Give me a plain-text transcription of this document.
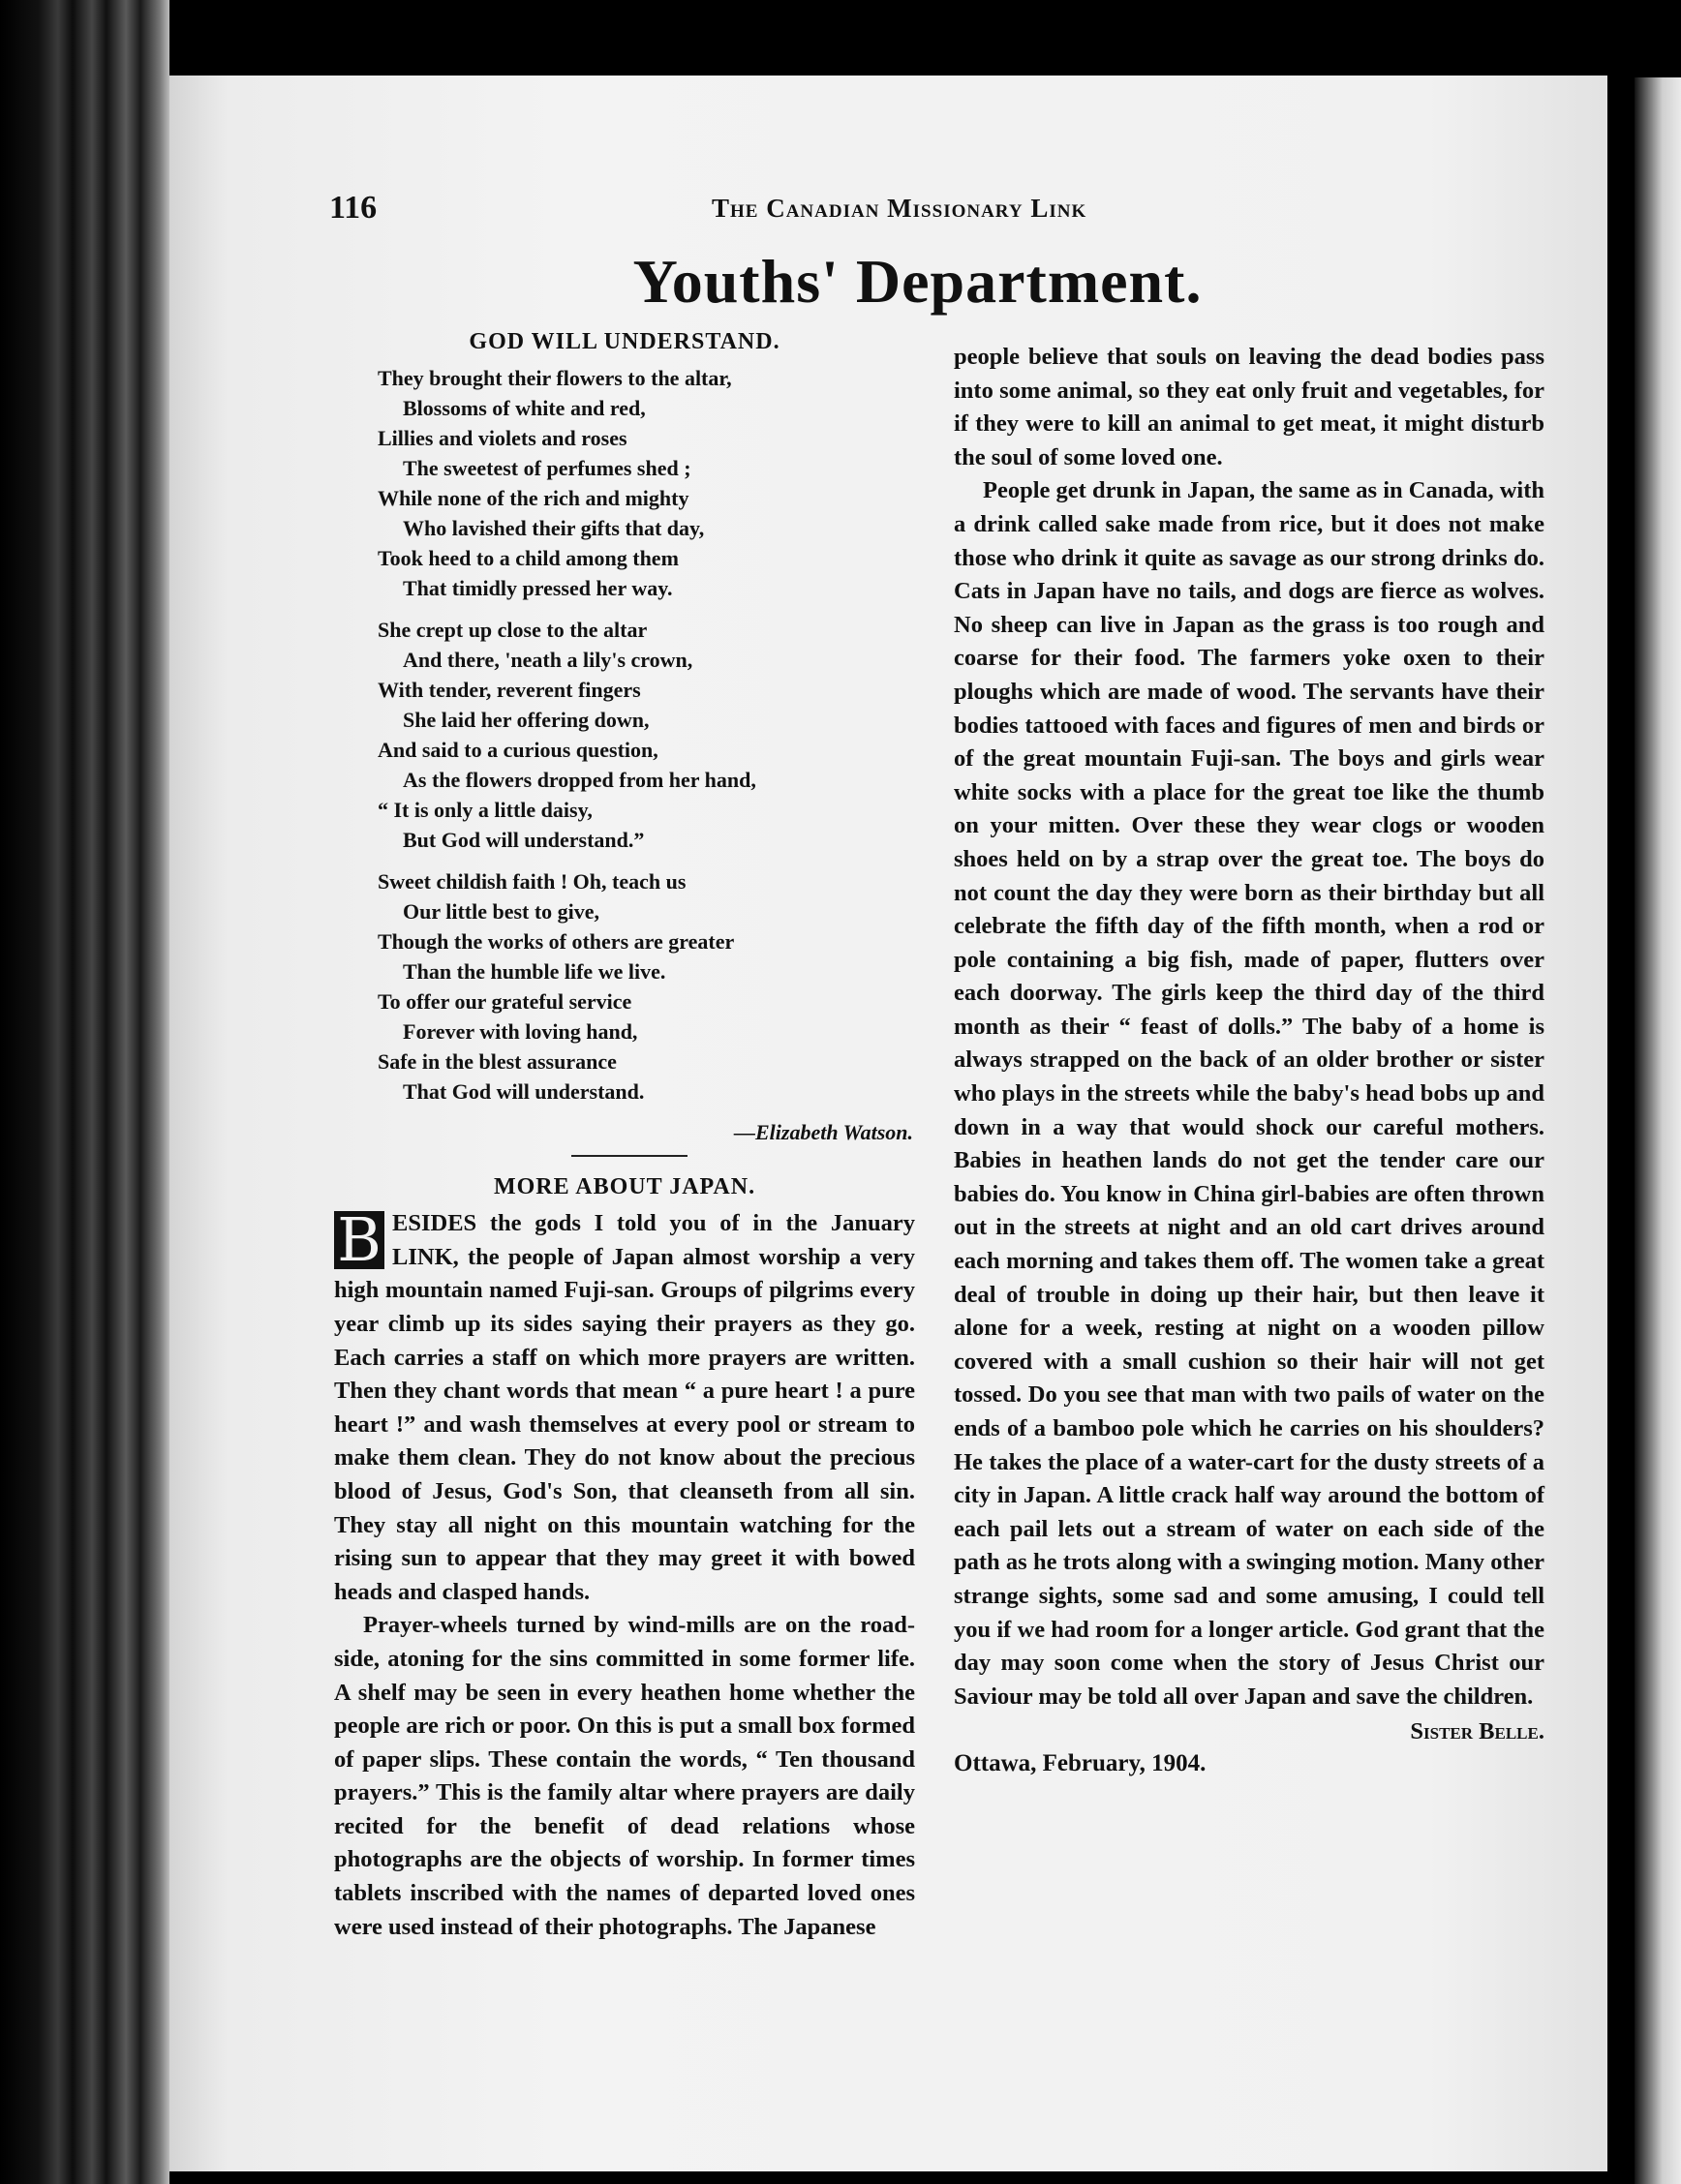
116	The Canadian Missionary Link
Youths' Department.
GOD WILL UNDERSTAND.
They brought their flowers to the altar,
Blossoms of white and red,
Lillies and violets and roses
The sweetest of perfumes shed ;
While none of the rich and mighty
Who lavished their gifts that day,
Took heed to a child among them
That timidly pressed her way.
She crept up close to the altar
And there, 'neath a lily's crown,
With tender, reverent fingers
She laid her offering down,
And said to a curious question,
As the flowers dropped from her hand,
“ It is only a little daisy,
But God will understand.”
Sweet childish faith ! Oh, teach us
Our little best to give,
Though the works of others are greater
Than the humble life we live.
To offer our grateful service
Forever with loving hand,
Safe in the blest assurance
That God will understand.
—Elizabeth Watson.
MORE ABOUT JAPAN.

B ESIDES the gods I told you of in the January LINK, the people of Japan almost worship a very high mountain named Fuji-san. Groups of pilgrims every year climb up its sides saying their prayers as they go. Each carries a staff on which more prayers are written. Then they chant words that mean “ a pure heart ! a pure heart !” and wash themselves at every pool or stream to make them clean. They do not know about the precious blood of Jesus, God's Son, that cleanseth from all sin. They stay all night on this mountain watching for the rising sun to appear that they may greet it with bowed heads and clasped hands.

Prayer-wheels turned by wind-mills are on the road-side, atoning for the sins committed in some former life. A shelf may be seen in every heathen home whether the people are rich or poor. On this is put a small box formed of paper slips. These contain the words, “ Ten thousand prayers.” This is the family altar where prayers are daily recited for the benefit of dead relations whose photographs are the objects of worship. In former times tablets inscribed with the names of departed loved ones were used instead of their photographs. The Japanese

people believe that souls on leaving the dead bodies pass into some animal, so they eat only fruit and vegetables, for if they were to kill an animal to get meat, it might disturb the soul of some loved one.

People get drunk in Japan, the same as in Canada, with a drink called sake made from rice, but it does not make those who drink it quite as savage as our strong drinks do. Cats in Japan have no tails, and dogs are fierce as wolves. No sheep can live in Japan as the grass is too rough and coarse for their food. The farmers yoke oxen to their ploughs which are made of wood. The servants have their bodies tattooed with faces and figures of men and birds or of the great mountain Fuji-san. The boys and girls wear white socks with a place for the great toe like the thumb on your mitten. Over these they wear clogs or wooden shoes held on by a strap over the great toe. The boys do not count the day they were born as their birthday but all celebrate the fifth day of the fifth month, when a rod or pole containing a big fish, made of paper, flutters over each doorway. The girls keep the third day of the third month as their “ feast of dolls.” The baby of a home is always strapped on the back of an older brother or sister who plays in the streets while the baby's head bobs up and down in a way that would shock our careful mothers. Babies in heathen lands do not get the tender care our babies do. You know in China girl-babies are often thrown out in the streets at night and an old cart drives around each morning and takes them off. The women take a great deal of trouble in doing up their hair, but then leave it alone for a week, resting at night on a wooden pillow covered with a small cushion so their hair will not get tossed. Do you see that man with two pails of water on the ends of a bamboo pole which he carries on his shoulders? He takes the place of a water-cart for the dusty streets of a city in Japan. A little crack half way around the bottom of each pail lets out a stream of water on each side of the path as he trots along with a swinging motion. Many other strange sights, some sad and some amusing, I could tell you if we had room for a longer article. God grant that the day may soon come when the story of Jesus Christ our Saviour may be told all over Japan and save the children.

Sister Belle.
Ottawa, February, 1904.
